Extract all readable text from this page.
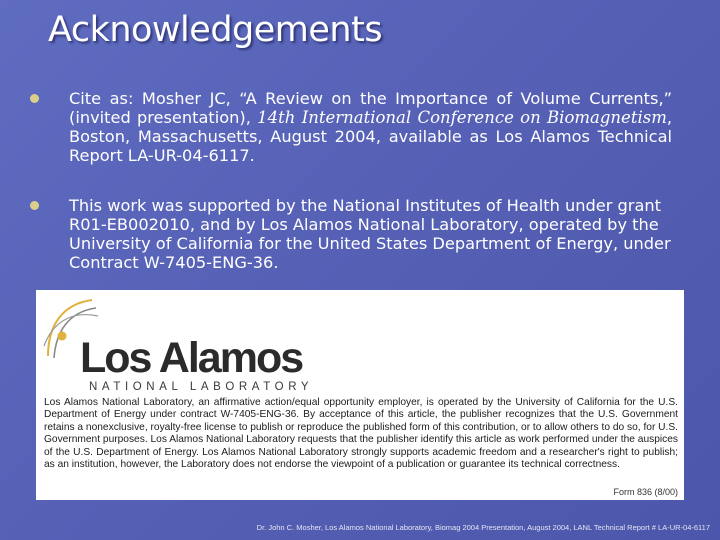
Acknowledgements
Cite as: Mosher JC, “A Review on the Importance of Volume Currents,” (invited presentation), 14th International Conference on Biomagnetism, Boston, Massachusetts, August 2004, available as Los Alamos Technical Report LA-UR-04-6117.
This work was supported by the National Institutes of Health under grant R01-EB002010, and by Los Alamos National Laboratory, operated by the University of California for the United States Department of Energy, under Contract W-7405-ENG-36.
Los Alamos
NATIONAL LABORATORY
Los Alamos National Laboratory, an affirmative action/equal opportunity employer, is operated by the University of California for the U.S. Department of Energy under contract W-7405-ENG-36. By acceptance of this article, the publisher recognizes that the U.S. Government retains a nonexclusive, royalty-free license to publish or reproduce the published form of this contribution, or to allow others to do so, for U.S. Government purposes. Los Alamos National Laboratory requests that the publisher identify this article as work performed under the auspices of the U.S. Department of Energy. Los Alamos National Laboratory strongly supports academic freedom and a researcher's right to publish; as an institution, however, the Laboratory does not endorse the viewpoint of a publication or guarantee its technical correctness.
Form 836 (8/00)
Dr. John C. Mosher, Los Alamos National Laboratory, Biomag 2004 Presentation, August 2004, LANL Technical Report # LA-UR-04-6117
